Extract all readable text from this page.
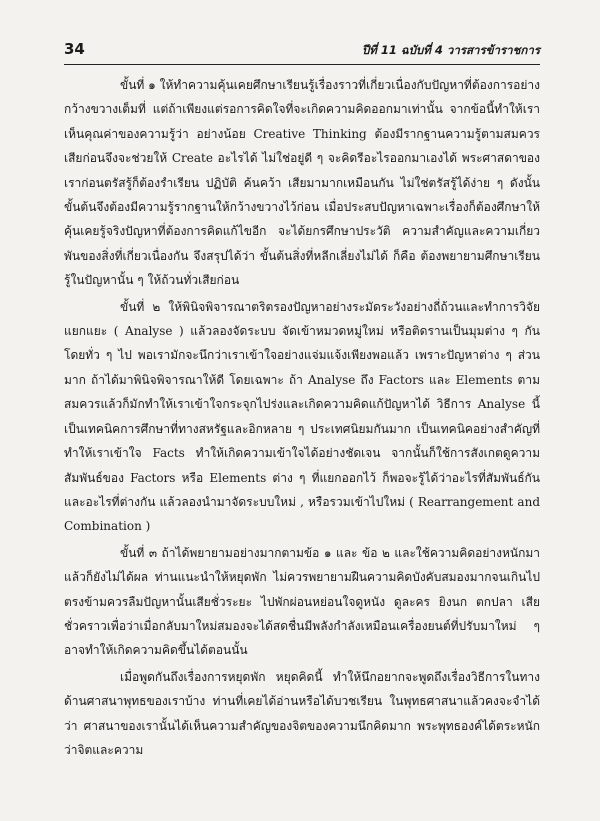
34	ปีที่ 11 ฉบับที่ 4 วารสารข้าราชการ

ขั้นที่ ๑ ให้ทำความคุ้นเคยศึกษาเรียนรู้เรื่องราวที่เกี่ยวเนื่องกับปัญหาที่ต้องการอย่างกว้างขวางเต็มที่ แต่ถ้าเพียงแต่รอการคิดใจที่จะเกิดความคิดออกมาเท่านั้น จากข้อนี้ทำให้เราเห็นคุณค่าของความรู้ว่า อย่างน้อย Creative Thinking ต้องมีรากฐานความรู้ตามสมควรเสียก่อนจึงจะช่วยให้ Create อะไรได้ ไม่ใช่อยู่ดี ๆ จะคิดรีอะไรออกมาเองได้ พระศาสดาของเราก่อนตรัสรู้ก็ต้องรำเรียน ปฏิบัติ ค้นคว้า เสียมามากเหมือนกัน ไม่ใช่ตรัสรู้ได้ง่าย ๆ ดังนั้น ขั้นต้นจึงต้องมีความรู้รากฐานให้กว้างขวางไว้ก่อน เมื่อประสบปัญหาเฉพาะเรื่องก็ต้องศึกษาให้คุ้นเคยรู้จริงปัญหาที่ต้องการคิดแก้ไขอีก จะได้ยกรศึกษาประวัติ ความสำคัญและความเกี่ยวพันของสิ่งที่เกี่ยวเนื่องกัน จึงสรุปได้ว่า ขั้นต้นสิ่งที่หลีกเลี่ยงไม่ได้ ก็คือ ต้องพยายามศึกษาเรียนรู้ในปัญหานั้น ๆ ให้ถ้วนทั่วเสียก่อน

ขั้นที่ ๒ ให้พินิจพิจารณาตริตรองปัญหาอย่างระมัดระวังอย่างถี่ถ้วนและทำการวิจัยแยกแยะ ( Analyse ) แล้วลองจัดระบบ จัดเข้าหมวดหมู่ใหม่ หรือติดรานเป็นมุมต่าง ๆ กัน โดยทั่ว ๆ ไป พอเรามักจะนึกว่าเราเข้าใจอย่างแจ่มแจ้งเพียงพอแล้ว เพราะปัญหาต่าง ๆ ส่วนมาก ถ้าได้มาพินิจพิจารณาให้ดี โดยเฉพาะ ถ้า Analyse ถึง Factors และ Elements ตามสมควรแล้วก็มักทำให้เราเข้าใจกระจุกไปร่งและเกิดความคิดแก้ปัญหาได้ วิธีการ Analyse นี้เป็นเทคนิคการศึกษาที่ทางสหรัฐและอิกหลาย ๆ ประเทศนิยมกันมาก เป็นเทคนิคอย่างสำคัญที่ทำให้เราเข้าใจ Facts ทำให้เกิดความเข้าใจได้อย่างชัดเจน จากนั้นก็ใช้การสังเกตดูความสัมพันธ์ของ Factors หรือ Elements ต่าง ๆ ที่แยกออกไว้ ก็พอจะรู้ได้ว่าอะไรที่สัมพันธ์กันและอะไรที่ต่างกัน แล้วลองนำมาจัดระบบใหม่ , หรือรวมเข้าไปใหม่ ( Rearrangement and Combination )

ขั้นที่ ๓ ถ้าได้พยายามอย่างมากตามข้อ ๑ และ ข้อ ๒ และใช้ความคิดอย่างหนักมาแล้วก็ยังไม่ได้ผล ท่านแนะนำให้หยุดพัก ไม่ควรพยายามฝืนความคิดบังคับสมองมากจนเกินไปตรงข้ามควรลืมปัญหานั้นเสียชั่วระยะ ไปพักผ่อนหย่อนใจดูหนัง ดูละคร ยิงนก ตกปลา เสียชั่วคราวเพื่อว่าเมื่อกลับมาใหม่สมองจะได้สดชื่นมีพลังกำลังเหมือนเครื่องยนต์ที่ปรับมาใหม่ ๆ อาจทำให้เกิดความคิดขึ้นได้ตอนนั้น

เมื่อพูดกันถึงเรื่องการหยุดพัก หยุดคิดนี้ ทำให้นึกอยากจะพูดถึงเรื่องวิธีการในทางด้านศาสนาพุทธของเราบ้าง ท่านที่เคยได้อ่านหรือได้บวชเรียน ในพุทธศาสนาแล้วคงจะจำได้ว่า ศาสนาของเรานั้นได้เห็นความสำคัญของจิตของความนึกคิดมาก พระพุทธองค์ได้ตระหนักว่าจิตและความ
